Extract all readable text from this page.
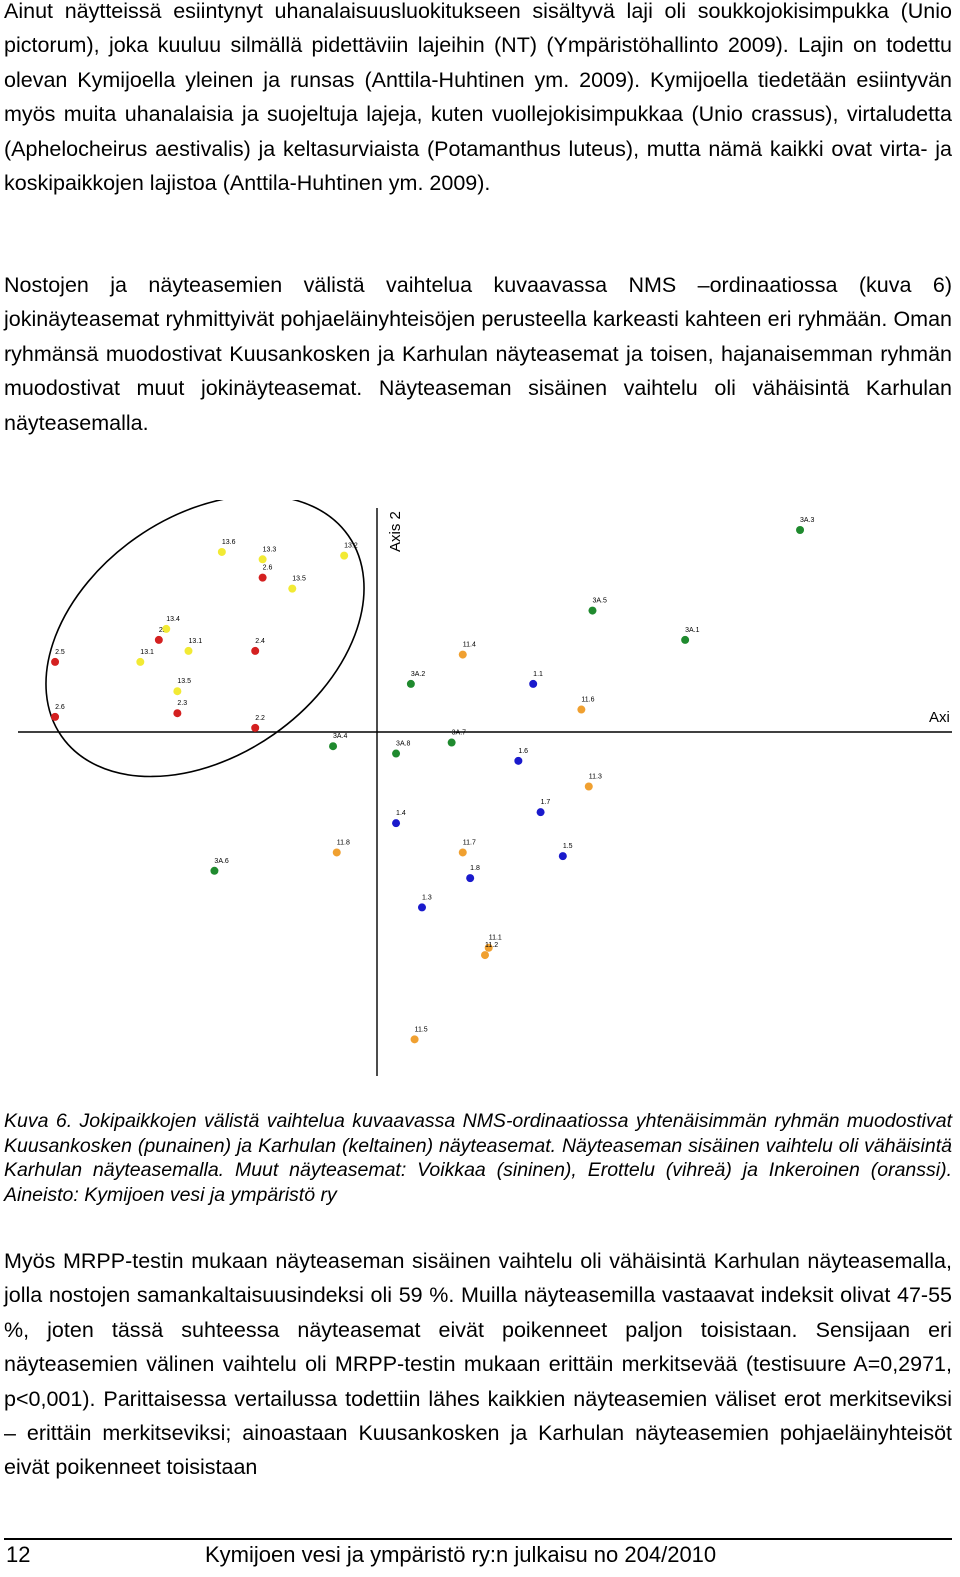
Ainut näytteissä esiintynyt uhanalaisuusluokitukseen sisältyvä laji oli soukkojokisimpukka (Unio pictorum), joka kuuluu silmällä pidettäviin lajeihin (NT) (Ympäristöhallinto 2009). Lajin on todettu olevan Kymijoella yleinen ja runsas (Anttila-Huhtinen ym. 2009). Kymijoella tiedetään esiintyvän myös muita uhanalaisia ja suojeltuja lajeja, kuten vuollejokisimpukkaa (Unio crassus), virtaludetta (Aphelocheirus aestivalis) ja keltasurviaista (Potamanthus luteus), mutta nämä kaikki ovat virta- ja koskipaikkojen lajistoa (Anttila-Huhtinen ym. 2009).

Nostojen ja näyteasemien välistä vaihtelua kuvaavassa NMS –ordinaatiossa (kuva 6) jokinäyteasemat ryhmittyivät pohjaeläinyhteisöjen perusteella karkeasti kahteen eri ryhmään. Oman ryhmänsä muodostivat Kuusankosken ja Karhulan näyteasemat ja toisen, hajanaisemman ryhmän muodostivat muut jokinäyteasemat. Näyteaseman sisäinen vaihtelu oli vähäisintä Karhulan näyteasemalla.

Axi
Axis 2
13.6
13.3
13.2
2.6
13.5
13.4
2.
13.1	2.4
2.5	13.1
13.5
2.6
2.3
2.2
3A.4
3A.8
3A.7
1.6
11.3
1.7
1.4
11.8	11.7
1.5
3A.6
1.8
1.3
11.1
11.2
11.5
3A.3
3A.5
3A.1
11.4
3A.2	1.1
11.6

Kuva 6. Jokipaikkojen välistä vaihtelua kuvaavassa NMS-ordinaatiossa yhtenäisimmän ryhmän muodostivat Kuusankosken (punainen) ja Karhulan (keltainen) näyteasemat. Näyteaseman sisäinen vaihtelu oli vähäisintä Karhulan näyteasemalla. Muut näyteasemat: Voikkaa (sininen), Erottelu (vihreä) ja Inkeroinen (oranssi). Aineisto: Kymijoen vesi ja ympäristö ry

Myös MRPP-testin mukaan näyteaseman sisäinen vaihtelu oli vähäisintä Karhulan näyteasemalla, jolla nostojen samankaltaisuusindeksi oli 59 %. Muilla näyteasemilla vastaavat indeksit olivat 47-55 %, joten tässä suhteessa näyteasemat eivät poikenneet paljon toisistaan. Sensijaan eri näyteasemien välinen vaihtelu oli MRPP-testin mukaan erittäin merkitsevää (testisuure A=0,2971, p<0,001). Parittaisessa vertailussa todettiin lähes kaikkien näyteasemien väliset erot merkitseviksi – erittäin merkitseviksi; ainoastaan Kuusankosken ja Karhulan näyteasemien pohjaeläinyhteisöt eivät poikenneet toisistaan

12	Kymijoen vesi ja ympäristö ry:n julkaisu no 204/2010
